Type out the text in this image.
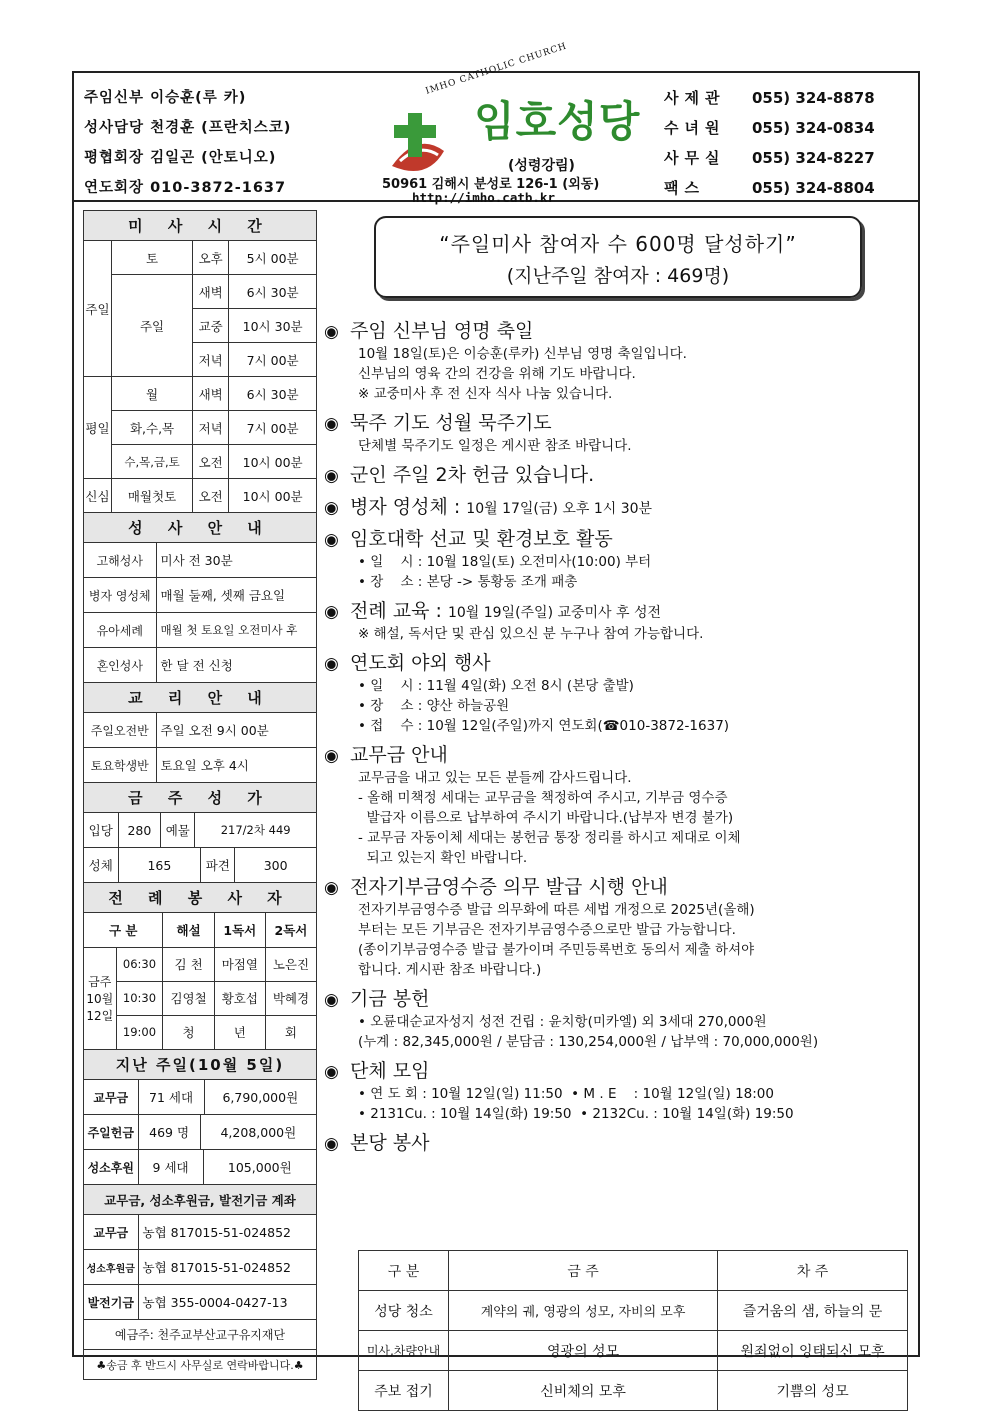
주임신부 이승훈(루 카)
성사담당 천경훈 (프란치스코)
평협회장 김일곤 (안토니오)
연도회장 010-3872-1637
IMHO CATHOLIC CHURCH
임호성당
(성령강림)
50961 김해시 분성로 126-1 (외동)
http://imho.catb.kr
사제관 055) 324-8878
수녀원 055) 324-0834
사무실 055) 324-8227
팩스	055) 324-8804
미 사 시 간
주일	토	오후	5시 00분
주일	새벽	6시 30분
교중	10시 30분
저녁	7시 00분
평일	월	새벽	6시 30분
화,수,목	저녁	7시 00분
수,목,금,토	오전	10시 00분
신심	매월첫토	오전	10시 00분
성 사 안 내

고해성사	미사 전 30분

병자 영성체	매월 둘째, 셋째 금요일

유아세례	매월 첫 토요일 오전미사 후

혼인성사	한 달 전 신청

교 리 안 내

주일오전반	주일 오전 9시 00분

토요학생반	토요일 오후 4시

금 주 성 가

입당	280	예물	217/2차 449

성체	165	파견	300

전 례 봉 사 자

구 분	해설	1독서	2독서
금주 10월 12일	06:30	김 천	마점열	노은진
10:30	김영철	황호섭	박혜경
19:00	청	년	회

지난 주일(10월 5일)

교무금	71 세대	6,790,000원

주일헌금	469 명	4,208,000원

성소후원	9 세대	105,000원

교무금, 성소후원금, 발전기금 계좌

교무금	농협 817015-51-024852

성소후원금	농협 817015-51-024852

발전기금	농협 355-0004-0427-13

예금주: 천주교부산교구유지재단
♣송금 후 반드시 사무실로 연락바랍니다.♣
“주일미사 참여자 수 600명 달성하기”
(지난주일 참여자 : 469명)
◉ 주임 신부님 영명 축일
10월 18일(토)은 이승훈(루카) 신부님 영명 축일입니다.
신부님의 영육 간의 건강을 위해 기도 바랍니다.
※ 교중미사 후 전 신자 식사 나눔 있습니다.
◉ 묵주 기도 성월 묵주기도
단체별 묵주기도 일정은 게시판 참조 바랍니다.
◉ 군인 주일 2차 헌금 있습니다.
◉ 병자 영성체 : 10월 17일(금) 오후 1시 30분
◉ 임호대학 선교 및 환경보호 활동
• 일    시 : 10월 18일(토) 오전미사(10:00) 부터
• 장    소 : 본당 -> 통황동 조개 패총
◉ 전례 교육 : 10월 19일(주일) 교중미사 후 성전
※ 해설, 독서단 및 관심 있으신 분 누구나 참여 가능합니다.
◉ 연도회 야외 행사
• 일    시 : 11월 4일(화) 오전 8시 (본당 출발)
• 장    소 : 양산 하늘공원
• 접    수 : 10월 12일(주일)까지 연도회(☎010-3872-1637)
◉ 교무금 안내
교무금을 내고 있는 모든 분들께 감사드립니다.
- 올해 미책정 세대는 교무금을 책정하여 주시고, 기부금 영수증
발급자 이름으로 납부하여 주시기 바랍니다.(납부자 변경 불가)
- 교무금 자동이체 세대는 봉헌금 통장 정리를 하시고 제대로 이체
되고 있는지 확인 바랍니다.
◉ 전자기부금영수증 의무 발급 시행 안내
전자기부금영수증 발급 의무화에 따른 세법 개정으로 2025년(올해)
부터는 모든 기부금은 전자기부금영수증으로만 발급 가능합니다.
(종이기부금영수증 발급 불가이며 주민등록번호 동의서 제출 하셔야
합니다. 게시판 참조 바랍니다.)
◉ 기금 봉헌
• 오륜대순교자성지 성전 건립 : 윤치항(미카엘) 외 3세대 270,000원
(누계 : 82,345,000원 / 분담금 : 130,254,000원 / 납부액 : 70,000,000원)
◉ 단체 모임
• 연 도 회 : 10월 12일(일) 11:50  • M . E    : 10월 12일(일) 18:00
• 2131Cu. : 10월 14일(화) 19:50  • 2132Cu. : 10월 14일(화) 19:50
◉ 본당 봉사
구 분	금 주	차 주
성당 청소	계약의 궤, 영광의 성모, 자비의 모후	즐거움의 샘, 하늘의 문
미사,차량안내	영광의 성모	원죄없이 잉태되신 모후
주보 접기	신비체의 모후	기쁨의 성모
